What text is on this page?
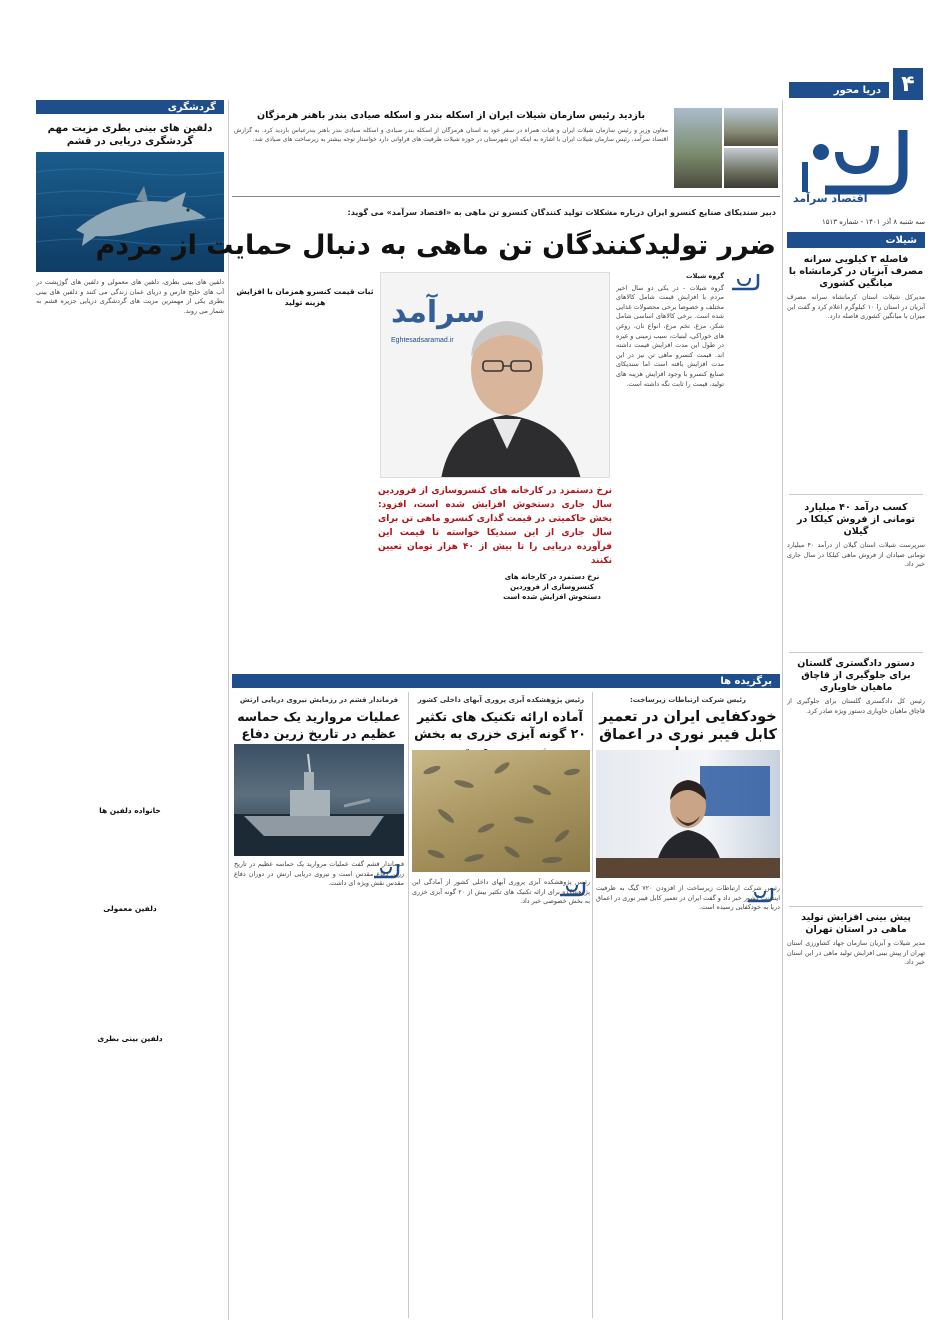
۴
دریا محور
اقتصاد سرآمد
سه شنبه ۸ آذر ۱۴۰۱ - شماره ۱۵۱۳
شیلات
فاصله ۳ کیلویی سرانه مصرف آبزیان در کرمانشاه با میانگین کشوری

مدیرکل شیلات استان کرمانشاه سرانه مصرف آبزیان در استان را ۱۰ کیلوگرم اعلام کرد و گفت این میزان با میانگین کشوری فاصله دارد.

کسب درآمد ۴۰ میلیارد تومانی از فروش کیلکا در گیلان

سرپرست شیلات استان گیلان از درآمد ۴۰ میلیارد تومانی صیادان از فروش ماهی کیلکا در سال جاری خبر داد.

دستور دادگستری گلستان برای جلوگیری از قاچاق ماهیان خاویاری

رئیس کل دادگستری گلستان برای جلوگیری از قاچاق ماهیان خاویاری دستور ویژه صادر کرد.

پیش بینی افزایش تولید ماهی در استان تهران

مدیر شیلات و آبزیان سازمان جهاد کشاورزی استان تهران از پیش بینی افزایش تولید ماهی در این استان خبر داد.

گردشگری
دلفین های بینی بطری مزیت مهم گردشگری دریایی در قشم

دلفین های بینی بطری، دلفین های معمولی و دلفین های گوژپشت در آب های خلیج فارس و دریای عمان زندگی می کنند و دلفین های بینی بطری یکی از مهمترین مزیت های گردشگری دریایی جزیره قشم به شمار می روند.

خانواده دلفین ها
دلفین معمولی
دلفین بینی بطری
بازدید رئیس سازمان شیلات ایران از اسکله بندر و اسکله صیادی بندر باهنر هرمزگان

معاون وزیر و رئیس سازمان شیلات ایران و هیات همراه در سفر خود به استان هرمزگان از اسکله بندر صیادی و اسکله صیادی بندر باهنر بندرعباس بازدید کرد. به گزارش اقتصاد سرآمد، رئیس سازمان شیلات ایران با اشاره به اینکه این شهرستان در حوزه شیلات ظرفیت های فراوانی دارد خواستار توجه بیشتر به زیرساخت های صیادی شد.

دبیر سندیکای صنایع کنسرو ایران درباره مشکلات تولید کنندگان کنسرو تن ماهی به «اقتصاد سرآمد» می گوید:
ضرر تولیدکنندگان تن ماهی به دنبال حمایت از مردم

گروه شیلات

گروه شیلات - در یکی دو سال اخیر مردم با افزایش قیمت شامل کالاهای مختلف و خصوصا برخی محصولات غذایی شده است. برخی کالاهای اساسی شامل شکر، مرغ، تخم مرغ، انواع نان، روغن های خوراکی، لبنیات، سیب زمینی و غیره در طول این مدت افزایش قیمت داشته اند. قیمت کنسرو ماهی تن نیز در این مدت افزایش یافته است اما سندیکای صنایع کنسرو با وجود افزایش هزینه های تولید، قیمت را ثابت نگه داشته است.

سرآمد
Eghtesadsaramad.ir
نرخ دستمزد در کارخانه های کنسروسازی از فروردین سال جاری دستخوش افزایش شده است، افزود: بخش حاکمیتی در قیمت گذاری کنسرو ماهی تن برای سال جاری از این سندیکا خواسته تا قیمت این فرآورده دریایی را تا بیش از ۴۰ هزار تومان تعیین نکنند
نرخ دستمزد در کارخانه های کنسروسازی از فروردین دستخوش افزایش شده است
ثبات قیمت کنسرو همزمان با افزایش هزینه تولید
برگزیده ها
رئیس شرکت ارتباطات زیرساخت:
خودکفایی ایران در تعمیر کابل فیبر نوری در اعماق

رئیس شرکت ارتباطات زیرساخت از افزودن ۷۲۰ گیگ به ظرفیت اینترنت کشور خبر داد و گفت ایران در تعمیر کابل فیبر نوری در اعماق دریا به خودکفایی رسیده است.

رئیس پژوهشکده آبزی پروری آبهای داخلی کشور
آماده ارائه تکنیک های تکثیر ۲۰ گونه آبزی خزری به بخش

رئیس پژوهشکده آبزی پروری آبهای داخلی کشور از آمادگی این پژوهشکده برای ارائه تکنیک های تکثیر بیش از ۲۰ گونه آبزی خزری به بخش خصوصی خبر داد.

فرماندار قشم در رزمایش نیروی دریایی ارتش
عملیات مروارید یک حماسه عظیم در تاریخ زرین دفاع

فرماندار قشم گفت عملیات مروارید یک حماسه عظیم در تاریخ زرین دفاع مقدس است و نیروی دریایی ارتش در دوران دفاع مقدس نقش ویژه ای داشت.
